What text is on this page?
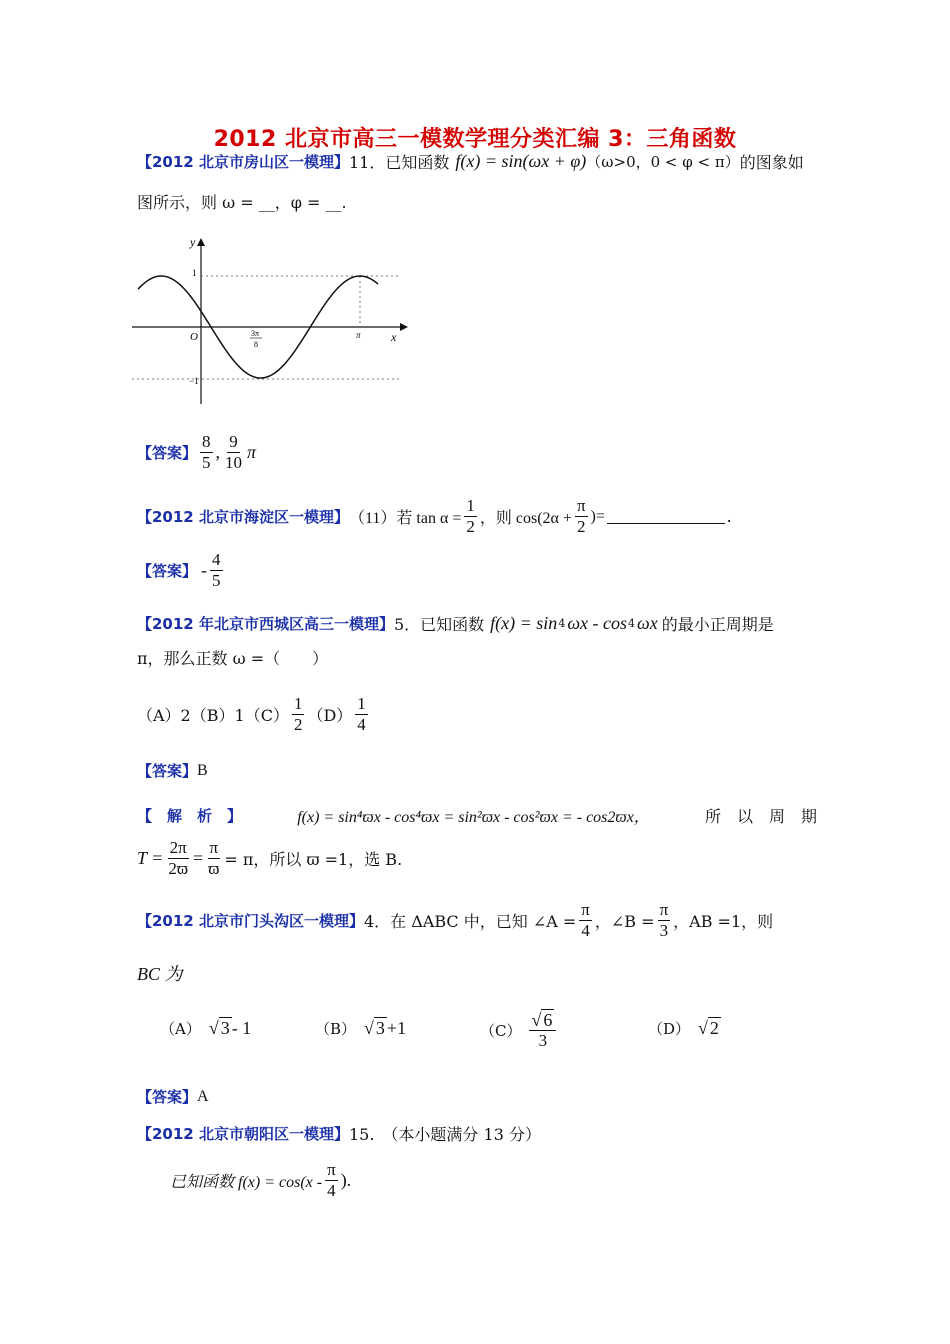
2012 北京市高三一模数学理分类汇编 3：三角函数
【2012 北京市房山区一模理】 11．已知函数 f(x) = sin(ωx + φ) （ω>0，0 < φ < π） 的图象如
图所示，则 ω = __，φ = __.
y
x
O
1
−1
3π
8
π
【答案】 $\frac{8}{5}$ , $\frac{9}{10}$ π
【2012 北京市海淀区一模理】 （11）若 $\tan \alpha = \frac{1}{2}$ ，则 $\cos(2\alpha + \frac{\pi}{2}$ )=	.
【答案】 - $\frac{4}{5}$
【2012 年北京市西城区高三一模理】 5．已知函数 f(x) = sin 4 ωx - cos 4 ωx 的最小正周期是
π，那么正数 ω =（　　）
（A）2 （B）1 $(C) \frac{1}{2} (D) \frac{1}{4}$
【答案】 B
【　解　析　】	f(x) = sin⁴ϖx - cos⁴ϖx = sin²ϖx - cos²ϖx = - cos2ϖx，	所　以　周　期
$T = \frac{2\pi}{2ϖ} = \frac{\pi}{ϖ} = \pi$，所以 ϖ =1，选 B.
【2012 北京市门头沟区一模理】 4．在 ΔABC 中，已知 ∠A = $\frac{\pi}{4}$ ，∠B = $\frac{\pi}{3}$ ，AB =1，则
BC 为
（A） √ 3 - 1	（B） √ 3 +1	$(C) \frac{√ 6}{3}$	（D） √ 2
【答案】 A
【2012 北京市朝阳区一模理】 15.　（本小题满分 13 分）
已知函数 $f(x) = \cos(x - \frac{\pi}{4}$ ).
